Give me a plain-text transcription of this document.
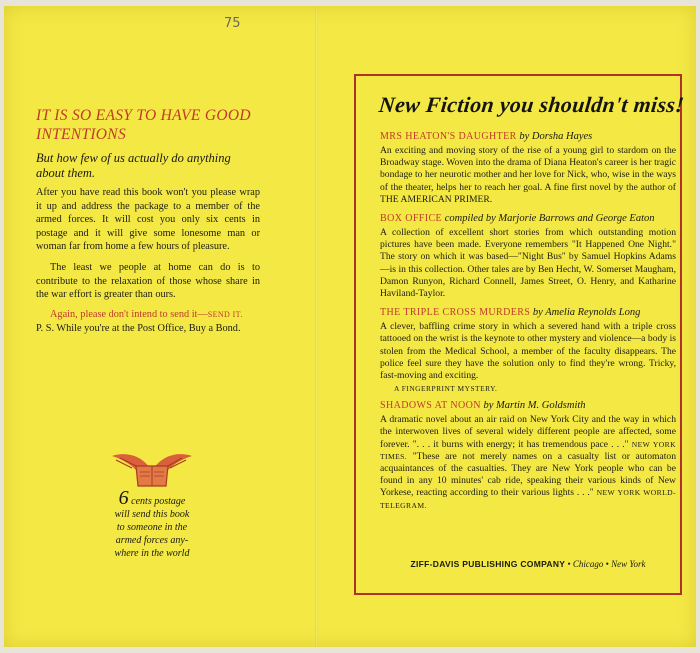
75

IT IS SO EASY TO HAVE GOOD INTENTIONS

But how few of us actually do anything about them.

After you have read this book won't you please wrap it up and address the package to a member of the armed forces. It will cost you only six cents in postage and it will give some lonesome man or woman far from home a few hours of pleasure.

The least we people at home can do is to contribute to the relaxation of those whose share in the war effort is greater than ours.

Again, please don't intend to send it—SEND IT.

P. S. While you're at the Post Office, Buy a Bond.

6 cents postage
will send this book
to someone in the
armed forces any-
where in the world
New Fiction you shouldn't miss!

MRS HEATON'S DAUGHTER by Dorsha Hayes

An exciting and moving story of the rise of a young girl to stardom on the Broadway stage. Woven into the drama of Diana Heaton's career is her tragic bondage to her neurotic mother and her love for Nick, who, wise in the ways of the theater, helps her to reach her goal. A fine first novel by the author of THE AMERICAN PRIMER.

BOX OFFICE compiled by Marjorie Barrows and George Eaton

A collection of excellent short stories from which outstanding motion pictures have been made. Everyone remembers "It Happened One Night." The story on which it was based—"Night Bus" by Samuel Hopkins Adams—is in this collection. Other tales are by Ben Hecht, W. Somerset Maugham, Damon Runyon, Richard Connell, James Street, O. Henry, and Katharine Haviland-Taylor.

THE TRIPLE CROSS MURDERS by Amelia Reynolds Long

A clever, baffling crime story in which a severed hand with a triple cross tattooed on the wrist is the keynote to other mystery and violence—a body is stolen from the Medical School, a member of the faculty disappears. The police feel sure they have the solution only to find they're wrong. Tricky, fast-moving and exciting.

A FINGERPRINT MYSTERY.

SHADOWS AT NOON by Martin M. Goldsmith

A dramatic novel about an air raid on New York City and the way in which the interwoven lives of several widely different people are affected, some forever. ". . . it burns with energy; it has tremendous pace . . ." NEW YORK TIMES. "These are not merely names on a casualty list or automaton acquaintances of the casualties. They are New York people who can be found in any 10 minutes' cab ride, speaking their various kinds of New Yorkese, reacting according to their various lights . . ." NEW YORK WORLD-TELEGRAM.

ZIFF-DAVIS PUBLISHING COMPANY • Chicago • New York
